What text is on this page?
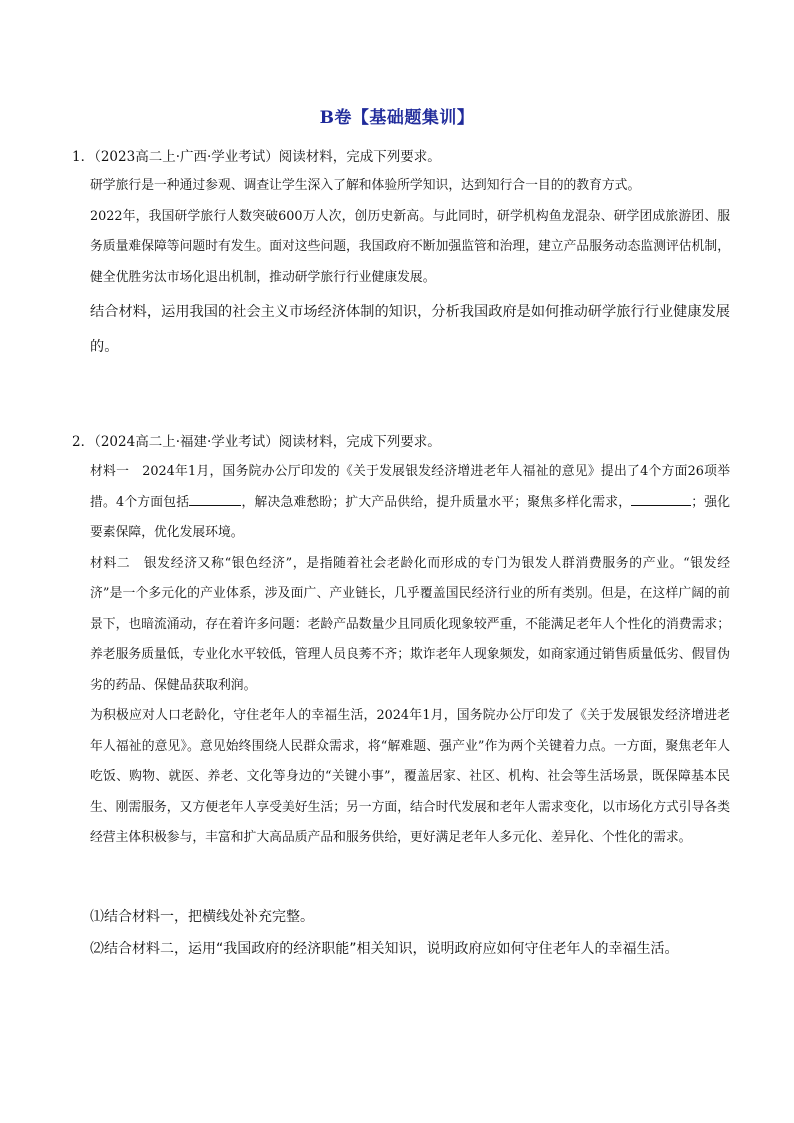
B卷【基础题集训】
1．（2023高二上·广西·学业考试）阅读材料，完成下列要求。

研学旅行是一种通过参观、调查让学生深入了解和体验所学知识，达到知行合一目的的教育方式。

2022年，我国研学旅行人数突破600万人次，创历史新高。与此同时，研学机构鱼龙混杂、研学团成旅游团、服务质量难保障等问题时有发生。面对这些问题，我国政府不断加强监管和治理，建立产品服务动态监测评估机制，健全优胜劣汰市场化退出机制，推动研学旅行行业健康发展。

结合材料，运用我国的社会主义市场经济体制的知识，分析我国政府是如何推动研学旅行行业健康发展的。

2．（2024高二上·福建·学业考试）阅读材料，完成下列要求。

材料一　2024年1月，国务院办公厅印发的《关于发展银发经济增进老年人福祉的意见》提出了4个方面26项举措。4个方面包括	，解决急难愁盼；扩大产品供给，提升质量水平；聚焦多样化需求，	；强化要素保障，优化发展环境。

材料二　银发经济又称“银色经济”，是指随着社会老龄化而形成的专门为银发人群消费服务的产业。“银发经济”是一个多元化的产业体系，涉及面广、产业链长，几乎覆盖国民经济行业的所有类别。但是，在这样广阔的前景下，也暗流涌动，存在着许多问题：老龄产品数量少且同质化现象较严重，不能满足老年人个性化的消费需求；养老服务质量低，专业化水平较低，管理人员良莠不齐；欺诈老年人现象频发，如商家通过销售质量低劣、假冒伪劣的药品、保健品获取利润。

为积极应对人口老龄化，守住老年人的幸福生活，2024年1月，国务院办公厅印发了《关于发展银发经济增进老年人福祉的意见》。意见始终围绕人民群众需求，将“解难题、强产业”作为两个关键着力点。一方面，聚焦老年人吃饭、购物、就医、养老、文化等身边的“关键小事”，覆盖居家、社区、机构、社会等生活场景，既保障基本民生、刚需服务，又方便老年人享受美好生活；另一方面，结合时代发展和老年人需求变化，以市场化方式引导各类经营主体积极参与，丰富和扩大高品质产品和服务供给，更好满足老年人多元化、差异化、个性化的需求。

⑴结合材料一，把横线处补充完整。
⑵结合材料二，运用“我国政府的经济职能”相关知识，说明政府应如何守住老年人的幸福生活。
